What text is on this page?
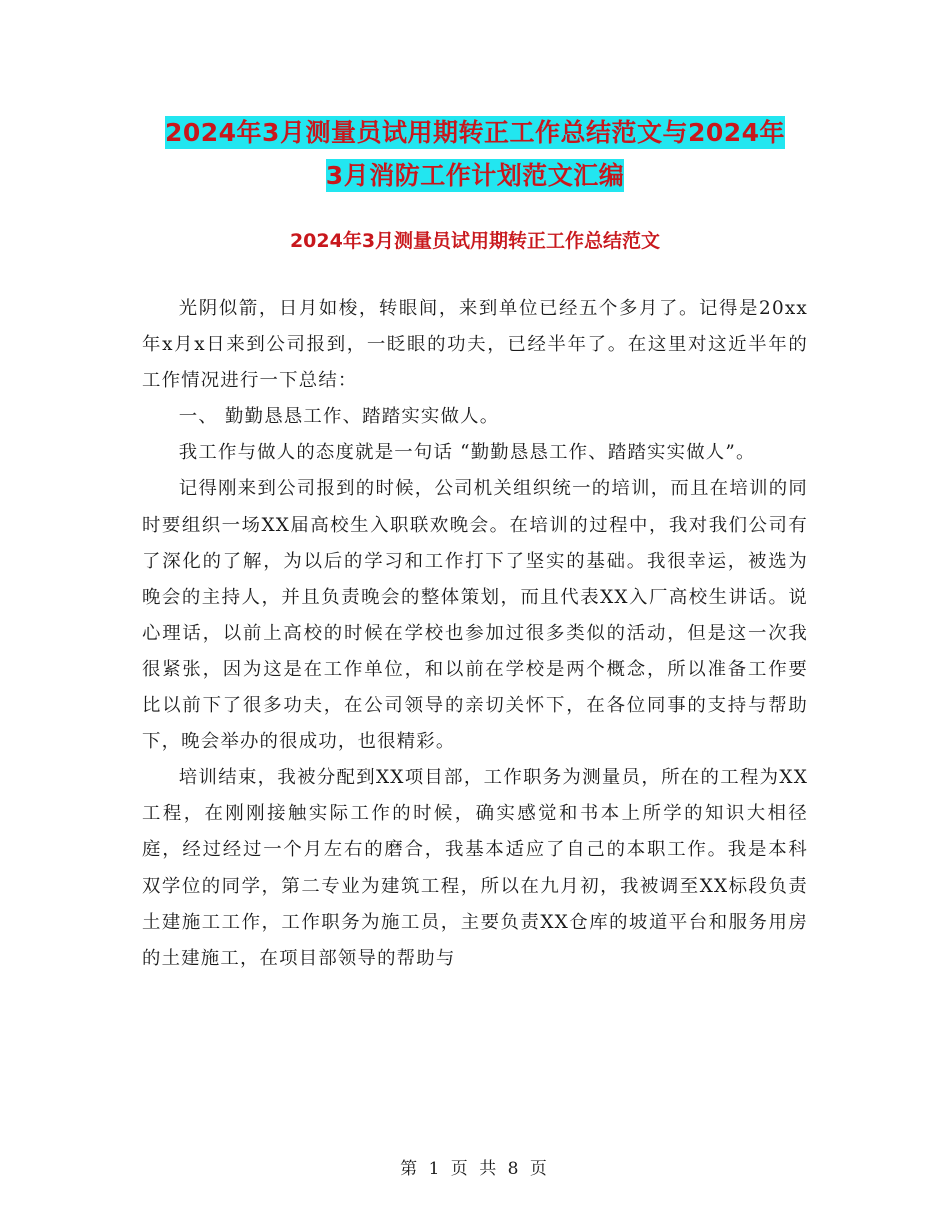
2024年3月测量员试用期转正工作总结范文与2024年
3月消防工作计划范文汇编
2024年3月测量员试用期转正工作总结范文

光阴似箭，日月如梭，转眼间，来到单位已经五个多月了。记得是20xx年x月x日来到公司报到，一眨眼的功夫，已经半年了。在这里对这近半年的工作情况进行一下总结：

一、 勤勤恳恳工作、踏踏实实做人。

我工作与做人的态度就是一句话 “勤勤恳恳工作、踏踏实实做人”。

记得刚来到公司报到的时候，公司机关组织统一的培训，而且在培训的同时要组织一场XX届高校生入职联欢晚会。在培训的过程中，我对我们公司有了深化的了解，为以后的学习和工作打下了坚实的基础。我很幸运，被选为晚会的主持人，并且负责晚会的整体策划，而且代表XX入厂高校生讲话。说心理话，以前上高校的时候在学校也参加过很多类似的活动，但是这一次我很紧张，因为这是在工作单位，和以前在学校是两个概念，所以准备工作要比以前下了很多功夫，在公司领导的亲切关怀下，在各位同事的支持与帮助下，晚会举办的很成功，也很精彩。

培训结束，我被分配到XX项目部，工作职务为测量员，所在的工程为XX工程，在刚刚接触实际工作的时候，确实感觉和书本上所学的知识大相径庭，经过经过一个月左右的磨合，我基本适应了自己的本职工作。我是本科双学位的同学，第二专业为建筑工程，所以在九月初，我被调至XX标段负责土建施工工作，工作职务为施工员，主要负责XX仓库的坡道平台和服务用房的土建施工，在项目部领导的帮助与

第 1 页 共 8 页
